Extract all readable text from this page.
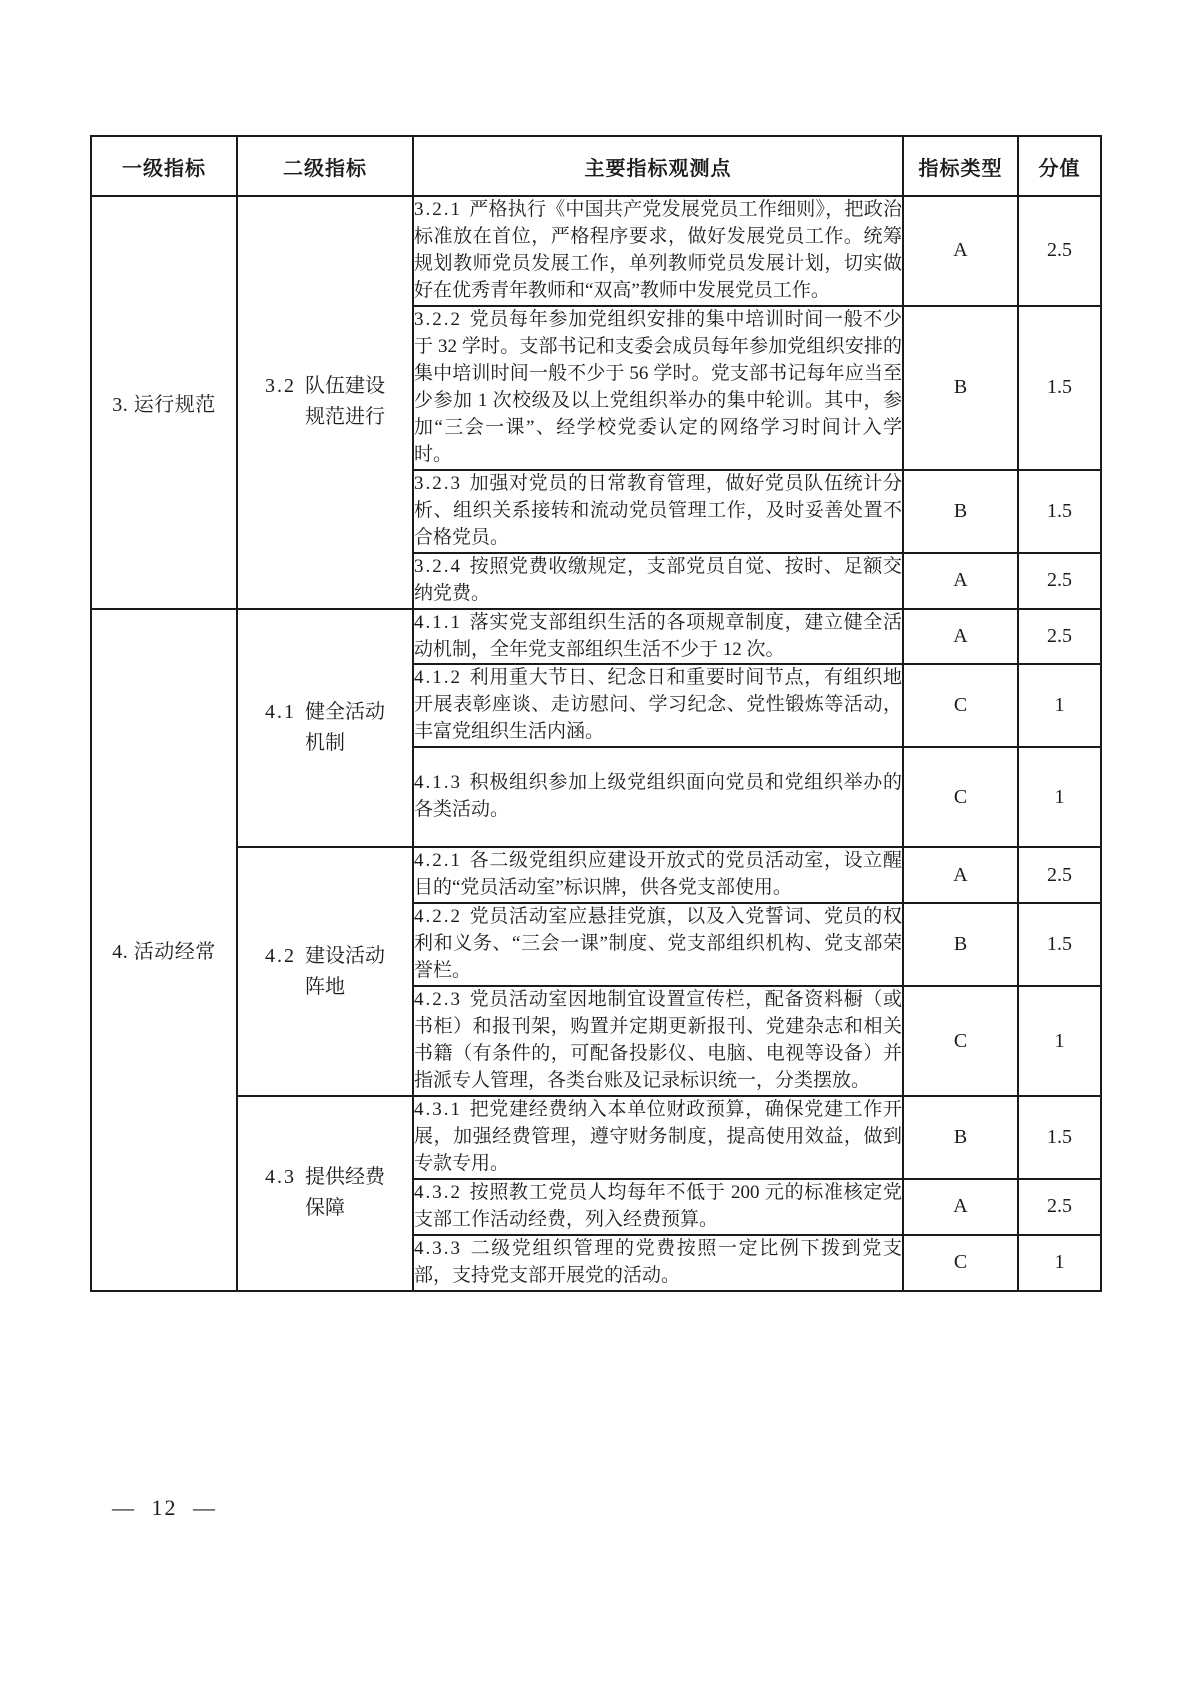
一级指标	二级指标	主要指标观测点	指标类型	分值
3. 运行规范	3.2 队伍建设规范进行	3.2.1 严格执行《中国共产党发展党员工作细则》，把政治标准放在首位，严格程序要求，做好发展党员工作。统筹规划教师党员发展工作，单列教师党员发展计划，切实做好在优秀青年教师和“双高”教师中发展党员工作。	A	2.5
		3.2.2 党员每年参加党组织安排的集中培训时间一般不少于 32 学时。支部书记和支委会成员每年参加党组织安排的集中培训时间一般不少于 56 学时。党支部书记每年应当至少参加 1 次校级及以上党组织举办的集中轮训。其中，参加“三会一课”、经学校党委认定的网络学习时间计入学时。	B	1.5
		3.2.3 加强对党员的日常教育管理，做好党员队伍统计分析、组织关系接转和流动党员管理工作，及时妥善处置不合格党员。	B	1.5
		3.2.4 按照党费收缴规定，支部党员自觉、按时、足额交纳党费。	A	2.5
4. 活动经常	4.1 健全活动机制	4.1.1 落实党支部组织生活的各项规章制度，建立健全活动机制，全年党支部组织生活不少于 12 次。	A	2.5
		4.1.2 利用重大节日、纪念日和重要时间节点，有组织地开展表彰座谈、走访慰问、学习纪念、党性锻炼等活动，丰富党组织生活内涵。	C	1
		4.1.3 积极组织参加上级党组织面向党员和党组织举办的各类活动。	C	1

	4.2 建设活动阵地	4.2.1 各二级党组织应建设开放式的党员活动室，设立醒目的“党员活动室”标识牌，供各党支部使用。	A	2.5
		4.2.2 党员活动室应悬挂党旗，以及入党誓词、党员的权利和义务、“三会一课”制度、党支部组织机构、党支部荣誉栏。	B	1.5
		4.2.3 党员活动室因地制宜设置宣传栏，配备资料橱（或书柜）和报刊架，购置并定期更新报刊、党建杂志和相关书籍（有条件的，可配备投影仪、电脑、电视等设备）并指派专人管理，各类台账及记录标识统一，分类摆放。	C	1

	4.3 提供经费保障	4.3.1 把党建经费纳入本单位财政预算，确保党建工作开展，加强经费管理，遵守财务制度，提高使用效益，做到专款专用。	B	1.5
		4.3.2 按照教工党员人均每年不低于 200 元的标准核定党支部工作活动经费，列入经费预算。	A	2.5
		4.3.3 二级党组织管理的党费按照一定比例下拨到党支部，支持党支部开展党的活动。	C	1
— 12 —
